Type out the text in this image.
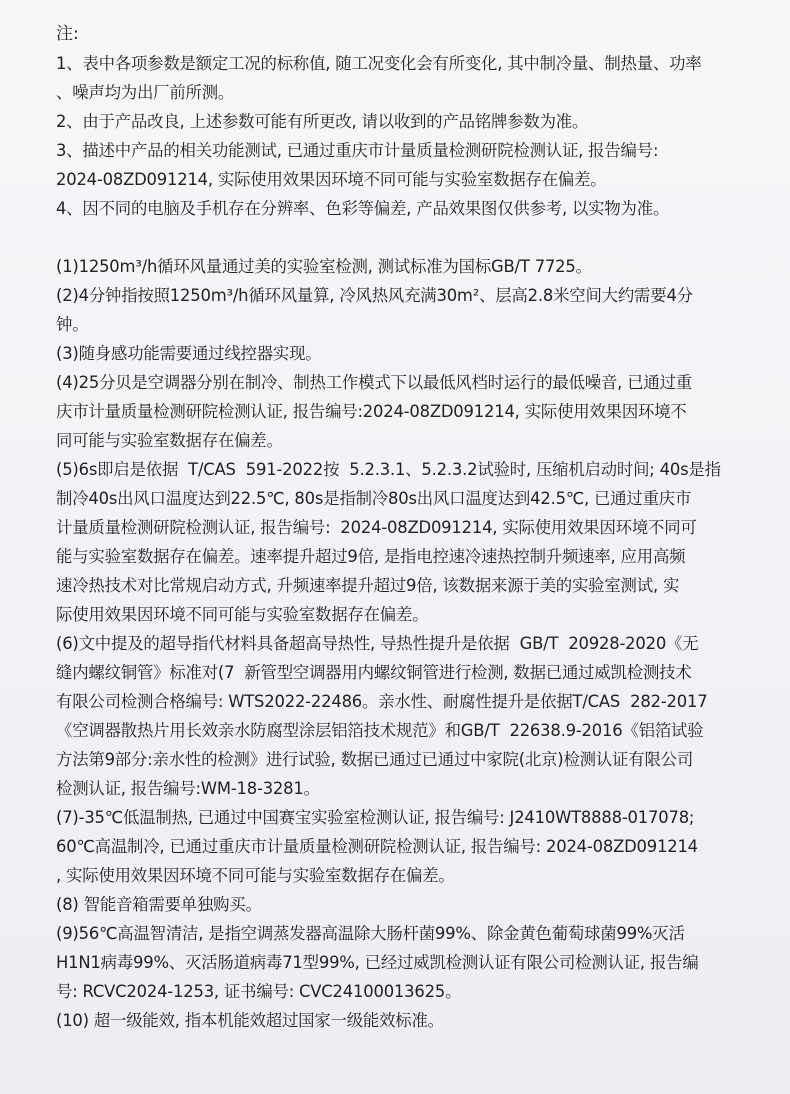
注:

1、表中各项参数是额定工况的标称值, 随工况变化会有所变化, 其中制冷量、制热量、功率

、噪声均为出厂前所测。

2、由于产品改良, 上述参数可能有所更改, 请以收到的产品铭牌参数为准。

3、描述中产品的相关功能测试, 已通过重庆市计量质量检测研院检测认证, 报告编号:

2024-08ZD091214, 实际使用效果因环境不同可能与实验室数据存在偏差。

4、因不同的电脑及手机存在分辨率、色彩等偏差, 产品效果图仅供参考, 以实物为准。

(1)1250m³/h循环风量通过美的实验室检测, 测试标准为国标GB/T 7725。

(2)4分钟指按照1250m³/h循环风量算, 冷风热风充满30m²、层高2.8米空间大约需要4分

钟。

(3)随身感功能需要通过线控器实现。

(4)25分贝是空调器分别在制冷、制热工作模式下以最低风档时运行的最低噪音, 已通过重

庆市计量质量检测研院检测认证, 报告编号:2024-08ZD091214, 实际使用效果因环境不

同可能与实验室数据存在偏差。

(5)6s即启是依据  T/CAS  591-2022按  5.2.3.1、5.2.3.2试验时, 压缩机启动时间; 40s是指

制冷40s出风口温度达到22.5℃, 80s是指制冷80s出风口温度达到42.5℃, 已通过重庆市

计量质量检测研院检测认证, 报告编号:  2024-08ZD091214, 实际使用效果因环境不同可

能与实验室数据存在偏差。速率提升超过9倍, 是指电控速冷速热控制升频速率, 应用高频

速冷热技术对比常规启动方式, 升频速率提升超过9倍, 该数据来源于美的实验室测试, 实

际使用效果因环境不同可能与实验室数据存在偏差。

(6)文中提及的超导指代材料具备超高导热性, 导热性提升是依据  GB/T  20928-2020《无

缝内螺纹铜管》标准对(7  新管型空调器用内螺纹铜管进行检测, 数据已通过威凯检测技术

有限公司检测合格编号: WTS2022-22486。亲水性、耐腐性提升是依据T/CAS  282-2017

《空调器散热片用长效亲水防腐型涂层铝箔技术规范》和GB/T  22638.9-2016《铝箔试验

方法第9部分:亲水性的检测》进行试验, 数据已通过已通过中家院(北京)检测认证有限公司

检测认证, 报告编号:WM-18-3281。

(7)-35℃低温制热, 已通过中国赛宝实验室检测认证, 报告编号: J2410WT8888-017078;

60℃高温制冷, 已通过重庆市计量质量检测研院检测认证, 报告编号: 2024-08ZD091214

, 实际使用效果因环境不同可能与实验室数据存在偏差。

(8) 智能音箱需要单独购买。

(9)56℃高温智清洁, 是指空调蒸发器高温除大肠杆菌99%、除金黄色葡萄球菌99%灭活

H1N1病毒99%、灭活肠道病毒71型99%, 已经过威凯检测认证有限公司检测认证, 报告编

号: RCVC2024-1253, 证书编号: CVC24100013625。

(10) 超一级能效, 指本机能效超过国家一级能效标准。
